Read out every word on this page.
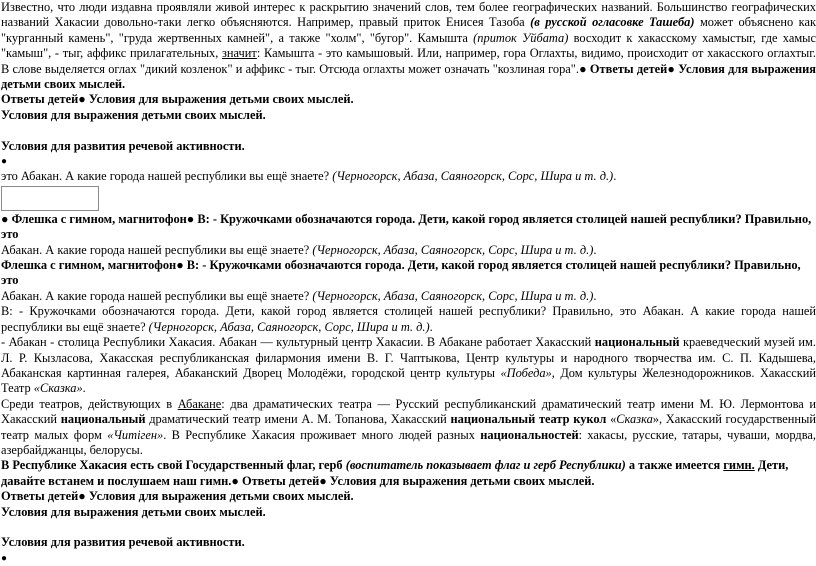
Известно, что люди издавна проявляли живой интерес к раскрытию значений слов, тем более географических названий. Большинство географических названий Хакасии довольно-таки легко объясняются. Например, правый приток Енисея Тазоба (в русской огласовке Ташеба) может объяснено как "курганный камень", "груда жертвенных камней", а также "холм", "бугор". Камышта (приток Уйбата) восходит к хакасскому хамыстыг, где хамыс "камыш", - тыг, аффикс прилагательных, значит: Камышта - это камышовый. Или, например, гора Оглахты, видимо, происходит от хакасского оглахтыг. В слове выделяется оглах "дикий козленок" и аффикс - тыг. Отсюда оглахты может означать "козлиная гора".● Ответы детей● Условия для выражения детьми своих мыслей.

Ответы детей● Условия для выражения детьми своих мыслей.

Условия для выражения детьми своих мыслей.

Условия для развития речевой активности.

●

это Абакан. А какие города нашей республики вы ещё знаете? (Черногорск, Абаза, Саяногорск, Сорс, Шира и т. д.).

● Флешка с гимном, магнитофон● В: - Кружочками обозначаются города. Дети, какой город является столицей нашей республики? Правильно, это
Абакан. А какие города нашей республики вы ещё знаете? (Черногорск, Абаза, Саяногорск, Сорс, Шира и т. д.).

Флешка с гимном, магнитофон● В: - Кружочками обозначаются города. Дети, какой город является столицей нашей республики? Правильно, это
Абакан. А какие города нашей республики вы ещё знаете? (Черногорск, Абаза, Саяногорск, Сорс, Шира и т. д.).

В: - Кружочками обозначаются города. Дети, какой город является столицей нашей республики? Правильно, это Абакан. А какие города нашей республики вы ещё знаете? (Черногорск, Абаза, Саяногорск, Сорс, Шира и т. д.).

- Абакан - столица Республики Хакасия. Абакан — культурный центр Хакасии. В Абакане работает Хакасский национальный краеведческий музей им. Л. Р. Кызласова, Хакасская республиканская филармония имени В. Г. Чаптыкова, Центр культуры и народного творчества им. С. П. Кадышева, Абаканская картинная галерея, Абаканский Дворец Молодёжи, городской центр культуры «Победа», Дом культуры Железнодорожников. Хакасский Театр «Сказка».

Среди театров, действующих в Абакане: два драматических театра — Русский республиканский драматический театр имени М. Ю. Лермонтова и Хакасский национальный драматический театр имени А. М. Топанова, Хакасский национальный театр кукол «Сказка», Хакасский государственный театр малых форм «Читiген». В Республике Хакасия проживает много людей разных национальностей: хакасы, русские, татары, чуваши, мордва, азербайджанцы, белорусы.

В Республике Хакасия есть свой Государственный флаг, герб (воспитатель показывает флаг и герб Республики) а также имеется гимн. Дети, давайте встанем и послушаем наш гимн.● Ответы детей● Условия для выражения детьми своих мыслей.

Ответы детей● Условия для выражения детьми своих мыслей.

Условия для выражения детьми своих мыслей.

Условия для развития речевой активности.

●
